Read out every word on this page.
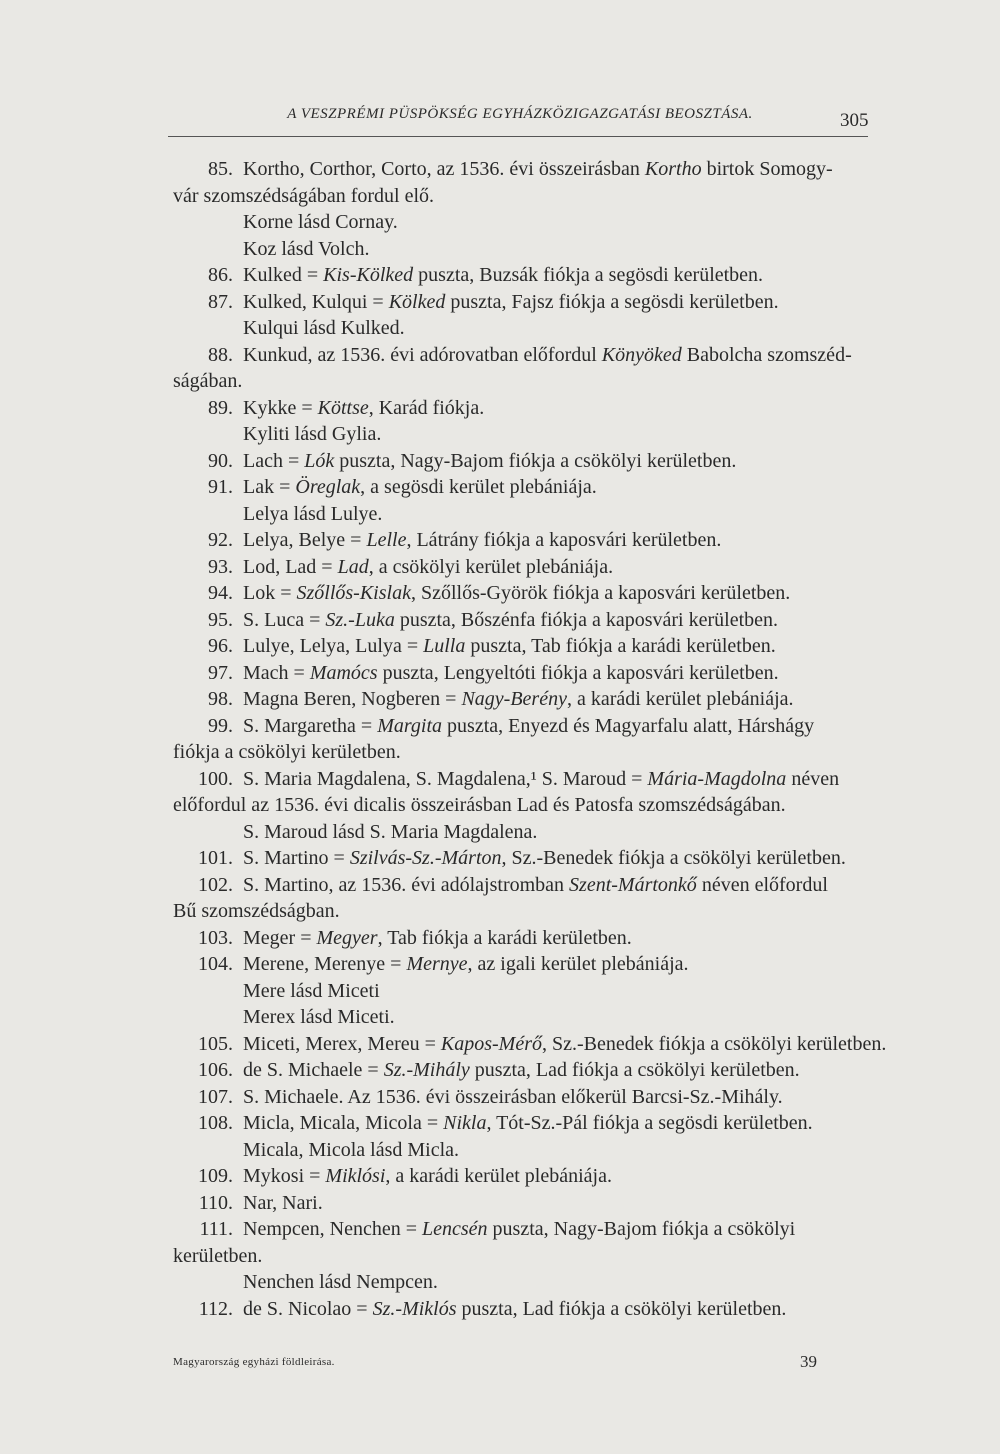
A VESZPRÉMI PÜSPÖKSÉG EGYHÁZKÖZIGAZGATÁSI BEOSZTÁSA.	305
85. Kortho, Corthor, Corto, az 1536. évi összeirásban Kortho birtok Somogy-
vár szomszédságában fordul elő.
Korne lásd Cornay.
Koz lásd Volch.
86. Kulked = Kis-Kölked puszta, Buzsák fiókja a segösdi kerületben.
87. Kulked, Kulqui = Kölked puszta, Fajsz fiókja a segösdi kerületben.
Kulqui lásd Kulked.
88. Kunkud, az 1536. évi adórovatban előfordul Könyöked Babolcha szomszéd-
ságában.
89. Kykke = Köttse, Karád fiókja.
Kyliti lásd Gylia.
90. Lach = Lók puszta, Nagy-Bajom fiókja a csökölyi kerületben.
91. Lak = Öreglak, a segösdi kerület plebániája.
Lelya lásd Lulye.
92. Lelya, Belye = Lelle, Látrány fiókja a kaposvári kerületben.
93. Lod, Lad = Lad, a csökölyi kerület plebániája.
94. Lok = Szőllős-Kislak, Szőllős-Györök fiókja a kaposvári kerületben.
95. S. Luca = Sz.-Luka puszta, Bőszénfa fiókja a kaposvári kerületben.
96. Lulye, Lelya, Lulya = Lulla puszta, Tab fiókja a karádi kerületben.
97. Mach = Mamócs puszta, Lengyeltóti fiókja a kaposvári kerületben.
98. Magna Beren, Nogberen = Nagy-Berény, a karádi kerület plebániája.
99. S. Margaretha = Margita puszta, Enyezd és Magyarfalu alatt, Hárshágy
fiókja a csökölyi kerületben.
100. S. Maria Magdalena, S. Magdalena,¹ S. Maroud = Mária-Magdolna néven
előfordul az 1536. évi dicalis összeirásban Lad és Patosfa szomszédságában.
S. Maroud lásd S. Maria Magdalena.
101. S. Martino = Szilvás-Sz.-Márton, Sz.-Benedek fiókja a csökölyi kerületben.
102. S. Martino, az 1536. évi adólajstromban Szent-Mártonkő néven előfordul
Bű szomszédságban.
103. Meger = Megyer, Tab fiókja a karádi kerületben.
104. Merene, Merenye = Mernye, az igali kerület plebániája.
Mere lásd Miceti
Merex lásd Miceti.
105. Miceti, Merex, Mereu = Kapos-Mérő, Sz.-Benedek fiókja a csökölyi kerületben.
106. de S. Michaele = Sz.-Mihály puszta, Lad fiókja a csökölyi kerületben.
107. S. Michaele. Az 1536. évi összeirásban előkerül Barcsi-Sz.-Mihály.
108. Micla, Micala, Micola = Nikla, Tót-Sz.-Pál fiókja a segösdi kerületben.
Micala, Micola lásd Micla.
109. Mykosi = Miklósi, a karádi kerület plebániája.
110. Nar, Nari.
111. Nempcen, Nenchen = Lencsén puszta, Nagy-Bajom fiókja a csökölyi
kerületben.
Nenchen lásd Nempcen.
112. de S. Nicolao = Sz.-Miklós puszta, Lad fiókja a csökölyi kerületben.
Magyarország egyházi földleirása.	39
